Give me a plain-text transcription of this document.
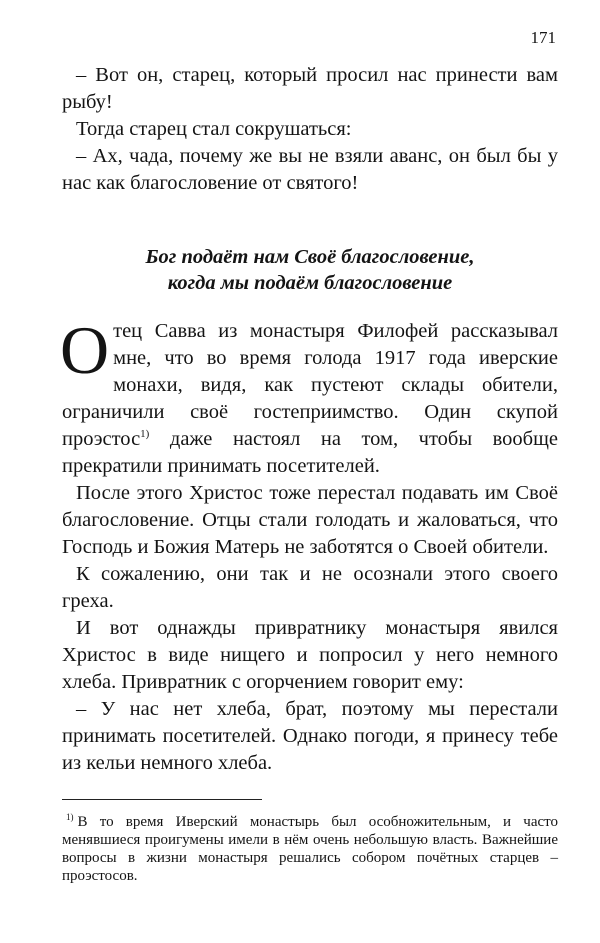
171

– Вот он, старец, который просил нас принести вам рыбу!

Тогда старец стал сокрушаться:

– Ах, чада, почему же вы не взяли аванс, он был бы у нас как благословение от святого!

Бог подаёт нам Своё благословение,
когда мы подаём благословение

Отец Савва из монастыря Филофей рассказывал мне, что во время голода 1917 года иверские монахи, видя, как пустеют склады обители, ограничили своё гостеприимство. Один скупой проэстос$^{1)}$ даже настоял на том, чтобы вообще прекратили принимать посетителей.

После этого Христос тоже перестал подавать им Своё благословение. Отцы стали голодать и жаловаться, что Господь и Божия Матерь не заботятся о Своей обители.

К сожалению, они так и не осознали этого своего греха.

И вот однажды привратнику монастыря явился Христос в виде нищего и попросил у него немного хлеба. Привратник с огорчением говорит ему:

– У нас нет хлеба, брат, поэтому мы перестали принимать посетителей. Однако погоди, я принесу тебе из кельи немного хлеба.

$^{1)}$ В то время Иверский монастырь был особножительным, и часто менявшиеся проигумены имели в нём очень небольшую власть. Важнейшие вопросы в жизни монастыря решались собором почётных старцев – проэстосов.
